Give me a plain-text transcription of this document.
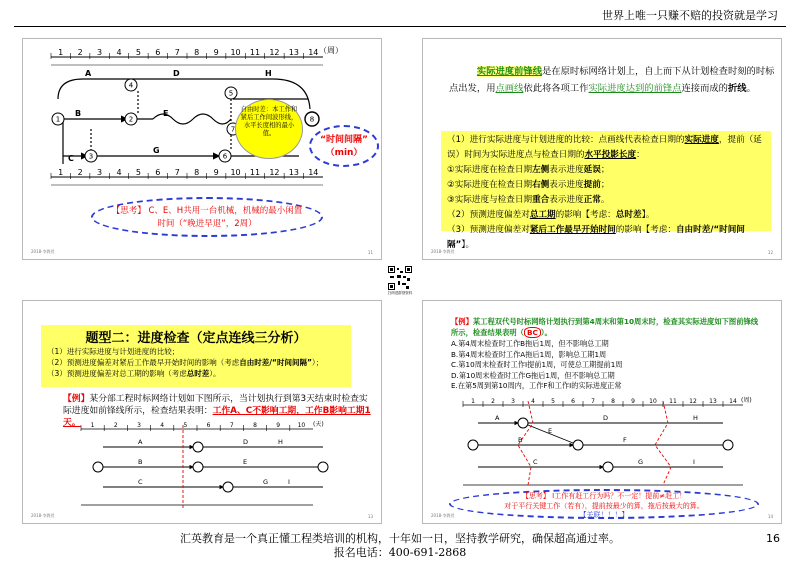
世界上唯一只赚不赔的投资就是学习
1 2 3 4 5 6 7 8 9 10 11 12 13 14 （周）
1 2 3 4 5 6 7 8 9 10 11 12 13 14
1	2
3
4
5
6
7
8
A
B
C
D
E
G
H
自由时差：本工作和紧后工作间波形线，水平长度相的最小值。
“时间间隔”
（min）
【思考】 C、E、H共用一台机械，机械的最小闲置时间（“晚进早退”，2周）
2018·李教授	11
　　　实际进度前锋线是在原时标网络计划上，自上而下从计划检查时刻的时标点出发，用点画线依此将各项工作实际进度达到的前锋点连接而成的折线。
（1）进行实际进度与计划进度的比较：点画线代表检查日期的实际进度，提前（延误）时间为实际进度点与检查日期的水平投影长度：
①实际进度在检查日期左侧表示进度延误；
②实际进度在检查日期右侧表示进度提前；
③实际进度与检查日期重合表示进度正常。
（2）预测进度偏差对总工期的影响【考虑：总时差】。
（3）预测进度偏差对紧后工作最早开始时间的影响【考虑：自由时差/“时间间隔”】。
2018·李教授	12
扫码进群领资料
题型二：进度检查（定点连线三分析）
（1）进行实际进度与计划进度的比较；
（2）预测进度偏差对紧后工作最早开始时间的影响（考虑自由时差/“时间间隔”）；
（3）预测进度偏差对总工期的影响（考虑总时差）。
【例】某分部工程时标网络计划如下图所示，当计划执行到第3天结束时检查实际进度如前锋线所示，检查结果表明：工作A、C不影响工期，工作B影响工期1天。	1	2	3	4	5	6	7	8	9	10 (天)
A
B
C
D
E
G
H
I
2018·李教授	13
【例】某工程双代号时标网络计划执行到第4周末和第10周末时，检查其实际进度如下图前锋线所示，检查结果表明（ BC ）。
A.第4周末检查时工作B拖后1周，但不影响总工期
B.第4周末检查时工作A拖后1周，影响总工期1周
C.第10周末检查时工作I提前1周，可使总工期提前1周
D.第10周末检查时工作G拖后1周，但不影响总工期
E.在第5周到第10周内，工作F和工作I的实际进度正常
1	2	3	4	5	6	7	8	9 10 11 12 13 14 (周)
A
B
C
D
E
F
G
H
I
【思考】 I工作有赶工行为吗？不一定！提前≠赶工！
对于平行关键工作（若有），提前按最少的算，拖后按最大的算。
【关联！！！】
2018·李教授	14
汇英教育是一个真正懂工程类培训的机构，十年如一日，坚持教学研究，确保超高通过率。
报名电话：400-691-2868
16
